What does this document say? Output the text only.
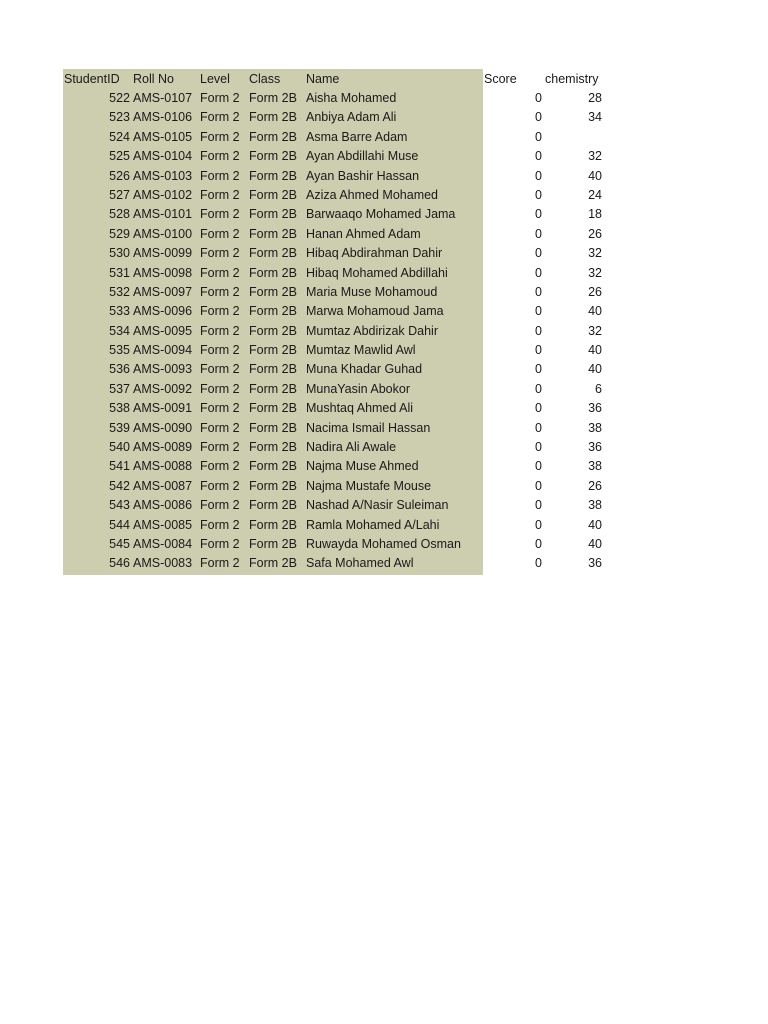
StudentID Roll No Level Class Name	Score chemistry
522 AMS-0107 Form 2 Form 2B Aisha Mohamed	0	28
523 AMS-0106 Form 2 Form 2B Anbiya Adam Ali	0	34
524 AMS-0105 Form 2 Form 2B Asma Barre Adam	0
525 AMS-0104 Form 2 Form 2B Ayan Abdillahi Muse	0	32
526 AMS-0103 Form 2 Form 2B Ayan Bashir Hassan	0	40
527 AMS-0102 Form 2 Form 2B Aziza Ahmed Mohamed	0	24
528 AMS-0101 Form 2 Form 2B Barwaaqo Mohamed Jama	0	18
529 AMS-0100 Form 2 Form 2B Hanan Ahmed Adam	0	26
530 AMS-0099 Form 2 Form 2B Hibaq Abdirahman Dahir	0	32
531 AMS-0098 Form 2 Form 2B Hibaq Mohamed Abdillahi	0	32
532 AMS-0097 Form 2 Form 2B Maria Muse Mohamoud	0	26
533 AMS-0096 Form 2 Form 2B Marwa Mohamoud Jama	0	40
534 AMS-0095 Form 2 Form 2B Mumtaz Abdirizak Dahir	0	32
535 AMS-0094 Form 2 Form 2B Mumtaz Mawlid Awl	0	40
536 AMS-0093 Form 2 Form 2B Muna Khadar Guhad	0	40
537 AMS-0092 Form 2 Form 2B MunaYasin Abokor	0	6
538 AMS-0091 Form 2 Form 2B Mushtaq Ahmed Ali	0	36
539 AMS-0090 Form 2 Form 2B Nacima Ismail Hassan	0	38
540 AMS-0089 Form 2 Form 2B Nadira Ali Awale	0	36
541 AMS-0088 Form 2 Form 2B Najma Muse Ahmed	0	38
542 AMS-0087 Form 2 Form 2B Najma Mustafe Mouse	0	26
543 AMS-0086 Form 2 Form 2B Nashad A/Nasir Suleiman	0	38
544 AMS-0085 Form 2 Form 2B Ramla Mohamed A/Lahi	0	40
545 AMS-0084 Form 2 Form 2B Ruwayda Mohamed Osman	0	40
546 AMS-0083 Form 2 Form 2B Safa Mohamed Awl	0	36
